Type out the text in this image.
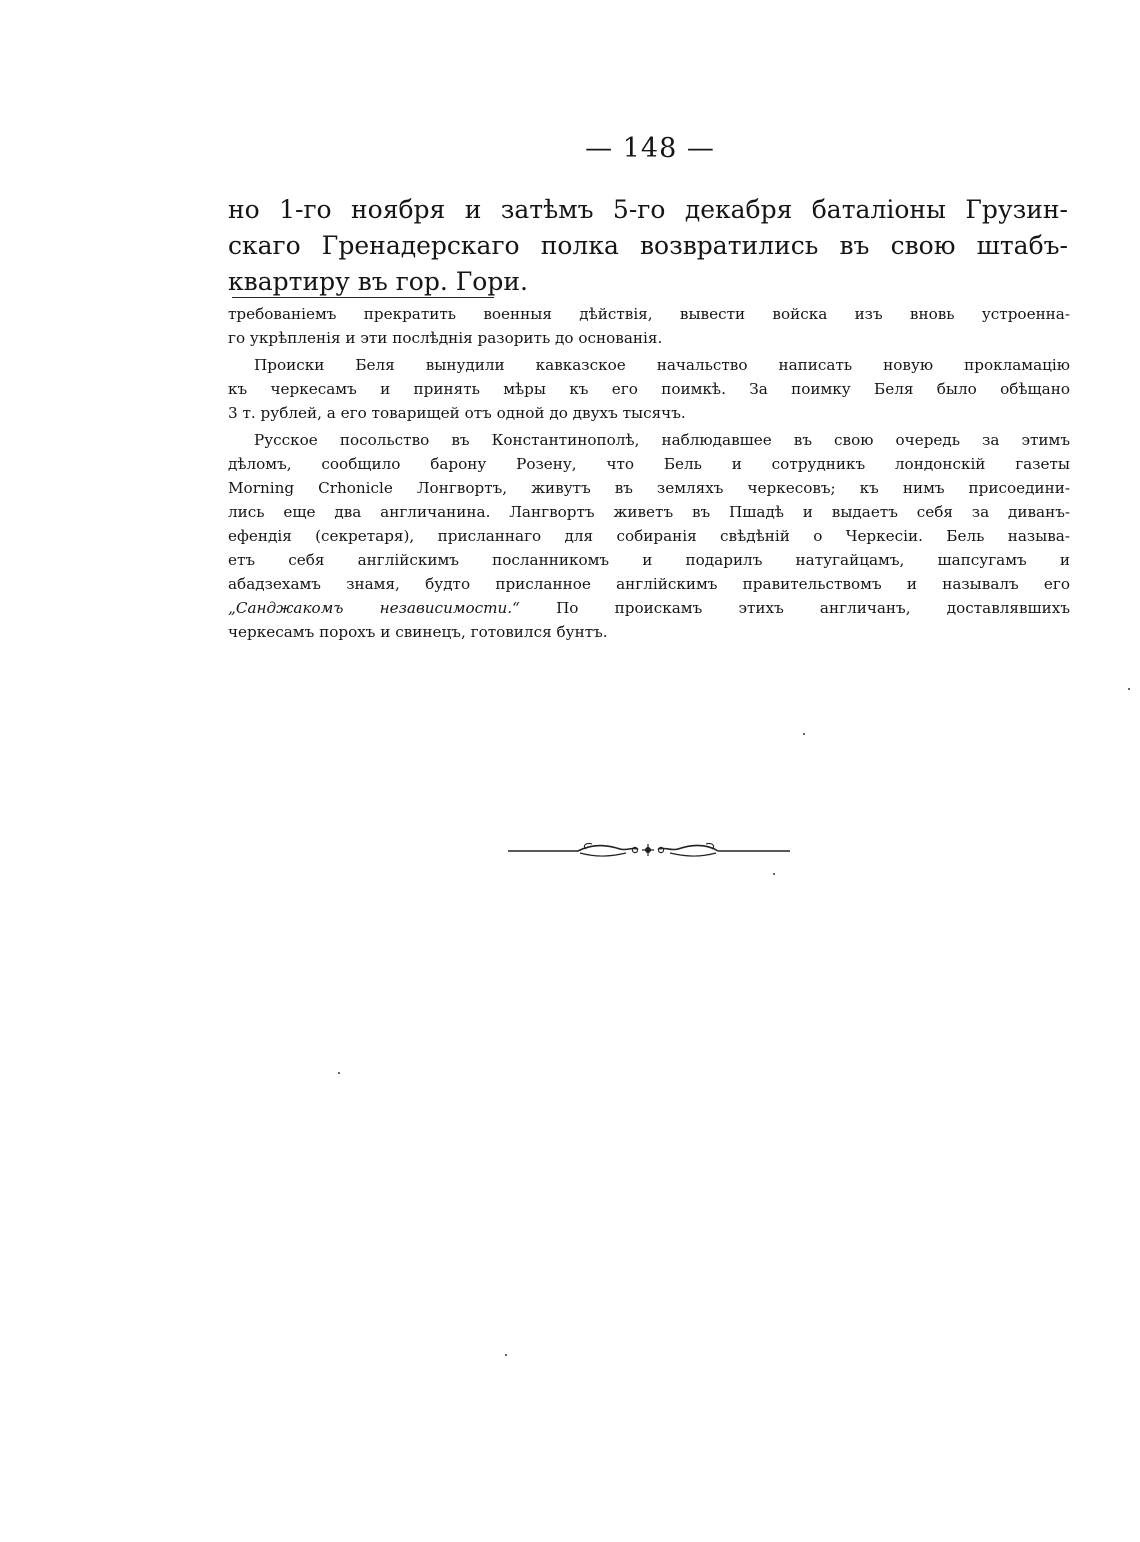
— 148 —
но 1-го ноября и затѣмъ 5-го декабря баталіоны Грузин-
скаго Гренадерскаго полка возвратились въ свою штабъ-
квартиру въ гор. Гори.
требованіемъ прекратить военныя дѣйствія, вывести войска изъ вновь устроеннa-
го укрѣпленія и эти послѣднія разорить до основанія.
Происки Беля вынудили кавказское начальство написать новую прокламацію
къ черкесамъ и принять мѣры къ его поимкѣ. За поимку Беля было обѣщано
3 т. рублей, а его товарищей отъ одной до двухъ тысячъ.
Русское посольство въ Константинополѣ, наблюдавшее въ свою очередь за этимъ
дѣломъ, сообщило барону Розену, что Бель и сотрудникъ лондонскій газеты
Morning Crhonicle Лонгвортъ, живутъ въ земляхъ черкесовъ; къ нимъ присоедини-
лись еще два англичанина. Лангвортъ живетъ въ Пшадѣ и выдаетъ себя за диванъ-
ефендія (секретаря), присланнаго для собиранія свѣдѣній о Черкесіи. Бель называ-
етъ себя англійскимъ посланникомъ и подарилъ натугайцамъ, шапсугамъ и
абадзехамъ знамя, будто присланное англійскимъ правительствомъ и называлъ его
„Санджакомъ независимости.“ По проискамъ этихъ англичанъ, доставлявшихъ
черкесамъ порохъ и свинецъ, готовился бунтъ.
